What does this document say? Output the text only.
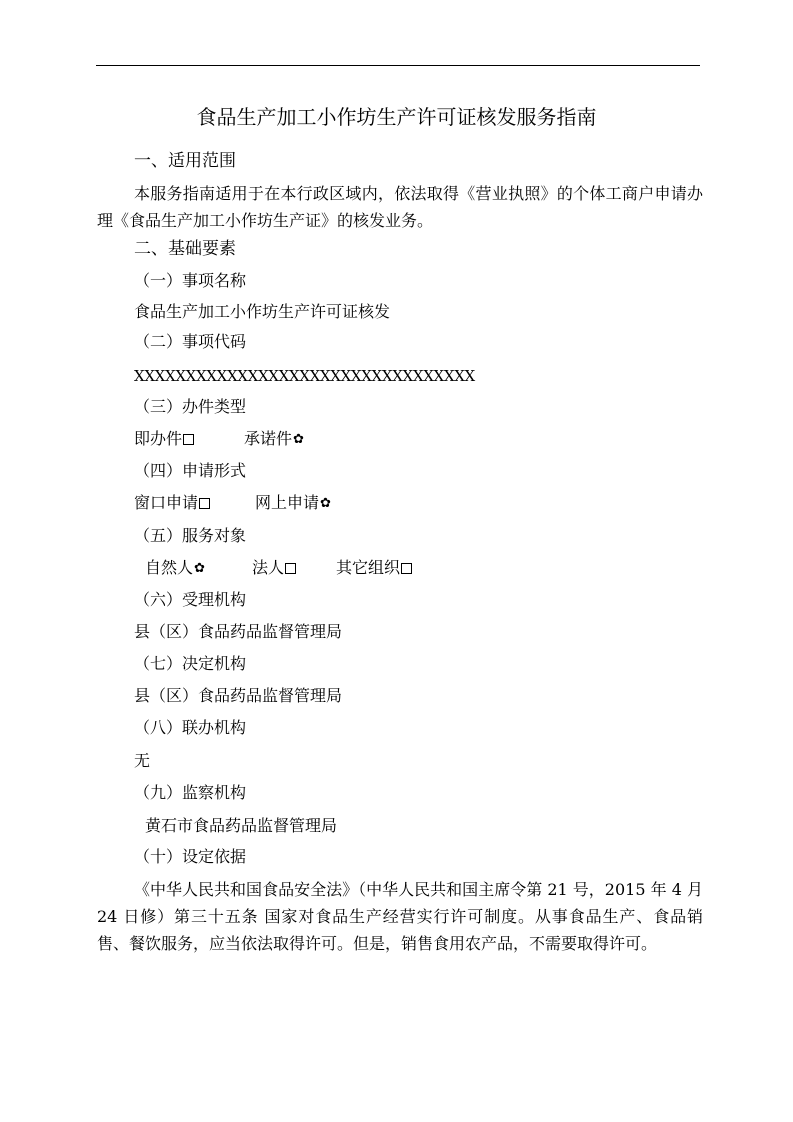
食品生产加工小作坊生产许可证核发服务指南
一、适用范围
本服务指南适用于在本行政区域内，依法取得《营业执照》的个体工商户申请办理《食品生产加工小作坊生产证》的核发业务。
二、基础要素
（一）事项名称
食品生产加工小作坊生产许可证核发
（二）事项代码
XXXXXXXXXXXXXXXXXXXXXXXXXXXXXXXXX
（三）办件类型
即办件	承诺件✿
（四）申请形式
窗口申请	网上申请✿
（五）服务对象
自然人✿	法人	其它组织
（六）受理机构
县（区）食品药品监督管理局
（七）决定机构
县（区）食品药品监督管理局
（八）联办机构
无
（九）监察机构
黄石市食品药品监督管理局
（十）设定依据
《中华人民共和国食品安全法》（中华人民共和国主席令第 21 号，2015 年 4 月 24 日修）第三十五条 国家对食品生产经营实行许可制度。从事食品生产、食品销售、餐饮服务，应当依法取得许可。但是，销售食用农产品，不需要取得许可。
